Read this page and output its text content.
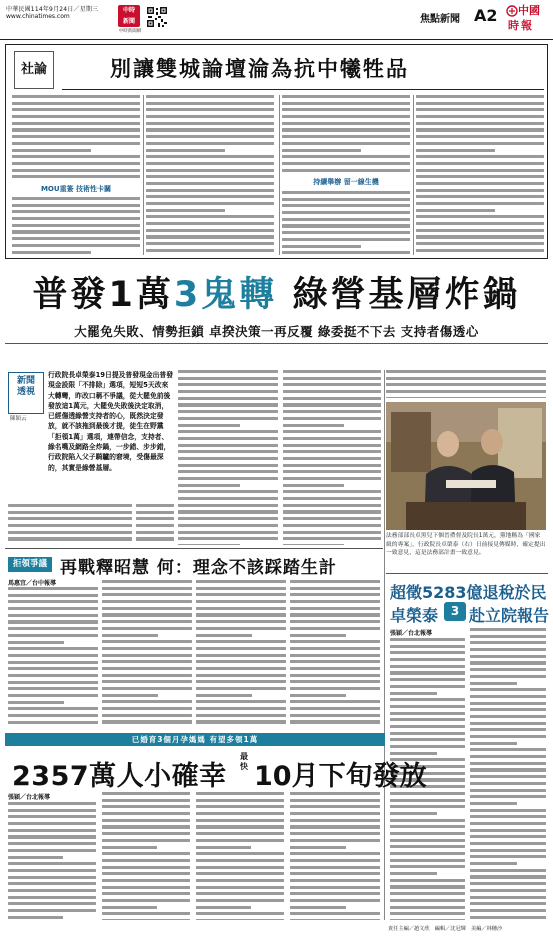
中華民國114年9月24日／星期三
www.chinatimes.com
中時
新聞
中時新聞網
焦點新聞 A2 中國
時報
社論	別讓雙城論壇淪為抗中犧牲品
MOU重簽 技術性卡關
持續舉辦 留一線生機
普發1萬3鬼轉 綠營基層炸鍋
大罷免失敗、情勢拒鎖 卓揆決策一再反覆 綠委挺不下去 支持者傷透心
新聞
透視
陳穎云
行政院長卓榮泰19日提及普發現金出普發現金設限「不排除」選項，短短5天改來大轉彎，昨改口稱不爭議，從大罷免前後發放這1萬元，大罷免失敗後決定取消，已經傷透綠營支持者的心，既然決定發放，就不該拖到最後才提，徒生在野黨「拒領1萬」選項，連帶信念，支持者、綠名嘴及網路全炸鍋，一步錯、步步錯，行政院陷入父子騎驢的窘境，受傷最深的，其實是綠營基層。
法務部部長卓黑兒下個晉禮督及院長1萬元，黨地稱為「國家級的專案」，行政院長卓榮泰（右）日前接見傳媒時，確定提出一致意見，這是法務部計畫一致意見。
拒領爭議 再戰釋昭慧 何：理念不該踩踏生計
馬惠宜／台中報導	超徵5283億退稅於民
卓榮泰	3 赴立院報告
張穎／台北報導
已婚育3個月孕媽媽 有望多領1萬
2357萬人小確幸
最快 10月下旬發放
張穎／台北報導
責任主編／趙文欣　編輯／沈冠輝　美編／林穗沙
